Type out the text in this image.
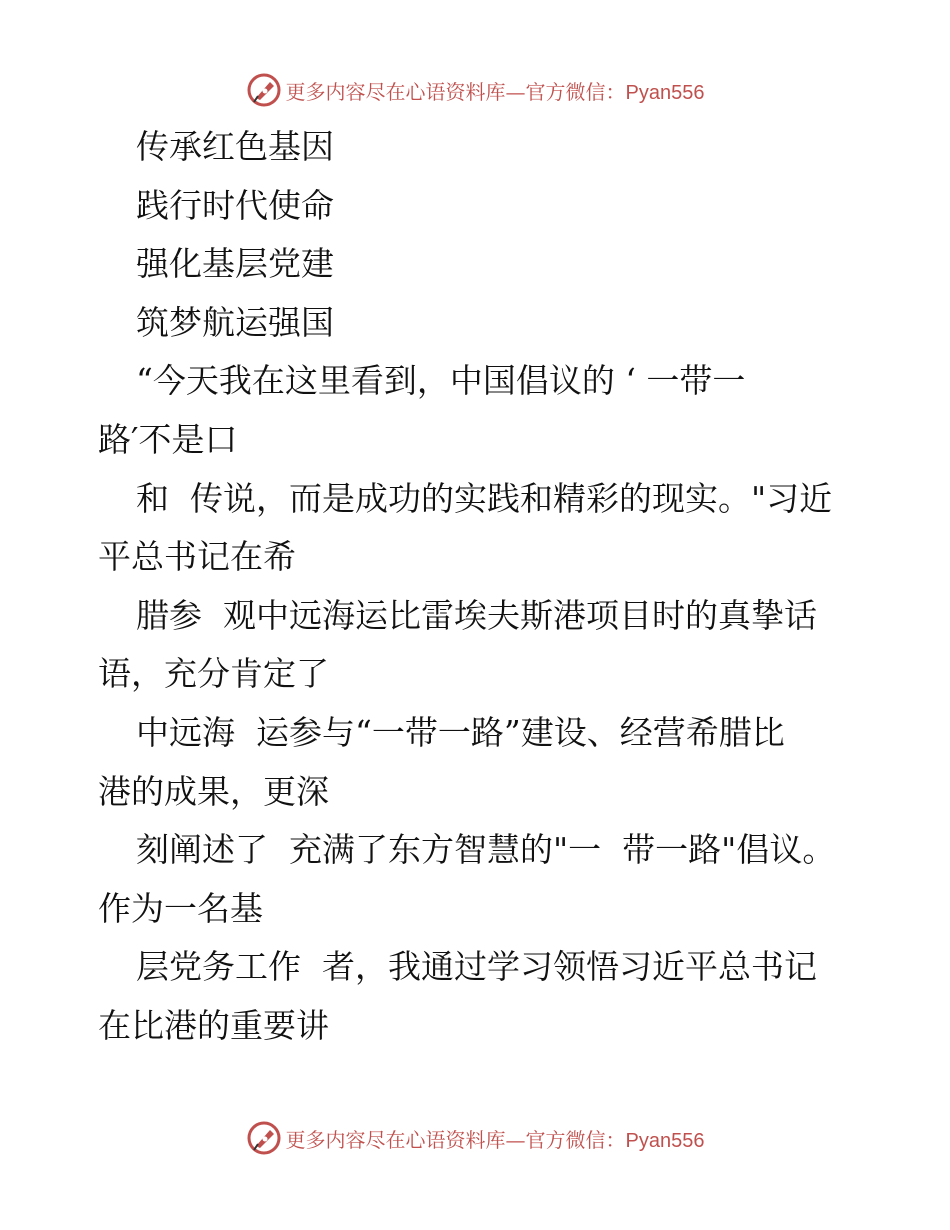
更多内容尽在心语资料库—官方微信：Pyan556

传承红色基因

践行时代使命

强化基层党建

筑梦航运强国

“今天我在这里看到，中国倡议的 ‘ 一带一

路′不是口

和  传说，而是成功的实践和精彩的现实。"习近

平总书记在希

腊参  观中远海运比雷埃夫斯港项目时的真挚话

语，充分肯定了

中远海  运参与“一带一路”建设、经营希腊比

港的成果，更深

刻阐述了  充满了东方智慧的"一  带一路"倡议。

作为一名基

层党务工作  者，我通过学习领悟习近平总书记

在比港的重要讲

更多内容尽在心语资料库—官方微信：Pyan556
